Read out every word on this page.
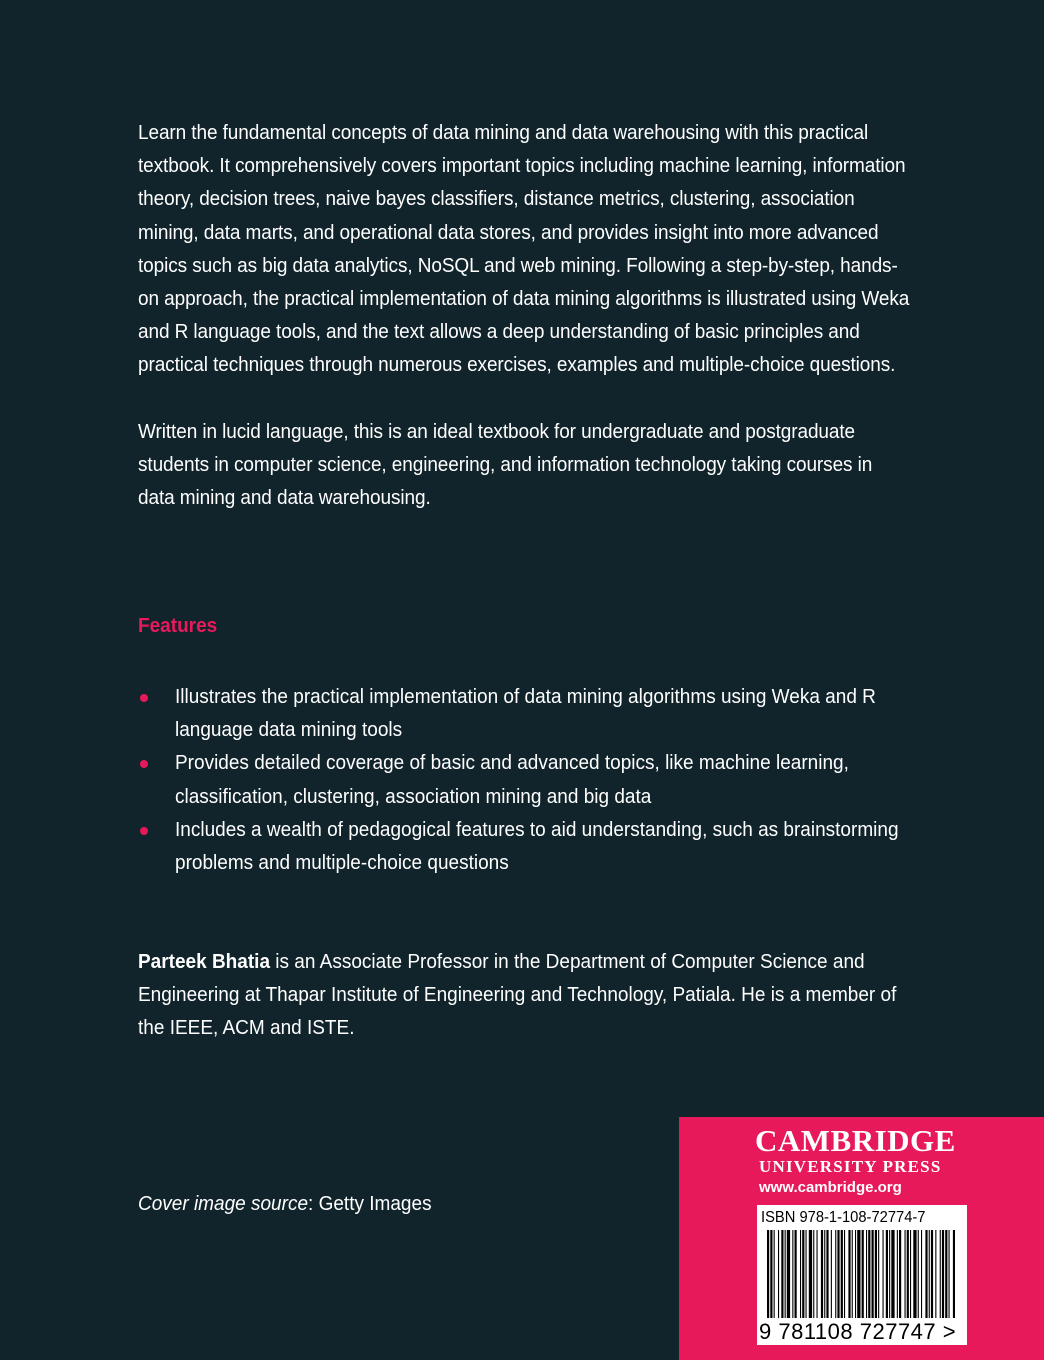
Learn the fundamental concepts of data mining and data warehousing with this practical textbook. It comprehensively covers important topics including machine learning, information theory, decision trees, naive bayes classifiers, distance metrics, clustering, association mining, data marts, and operational data stores, and provides insight into more advanced topics such as big data analytics, NoSQL and web mining. Following a step-by-step, hands-on approach, the practical implementation of data mining algorithms is illustrated using Weka and R language tools, and the text allows a deep understanding of basic principles and practical techniques through numerous exercises, examples and multiple-choice questions.

Written in lucid language, this is an ideal textbook for undergraduate and postgraduate students in computer science, engineering, and information technology taking courses in data mining and data warehousing.

Features
Illustrates the practical implementation of data mining algorithms using Weka and R language data mining tools
Provides detailed coverage of basic and advanced topics, like machine learning, classification, clustering, association mining and big data
Includes a wealth of pedagogical features to aid understanding, such as brainstorming problems and multiple-choice questions

Parteek Bhatia is an Associate Professor in the Department of Computer Science and Engineering at Thapar Institute of Engineering and Technology, Patiala. He is a member of the IEEE, ACM and ISTE.

Cover image source: Getty Images

CAMBRIDGE
UNIVERSITY PRESS
www.cambridge.org
ISBN 978-1-108-72774-7
9 781108 727747 >
